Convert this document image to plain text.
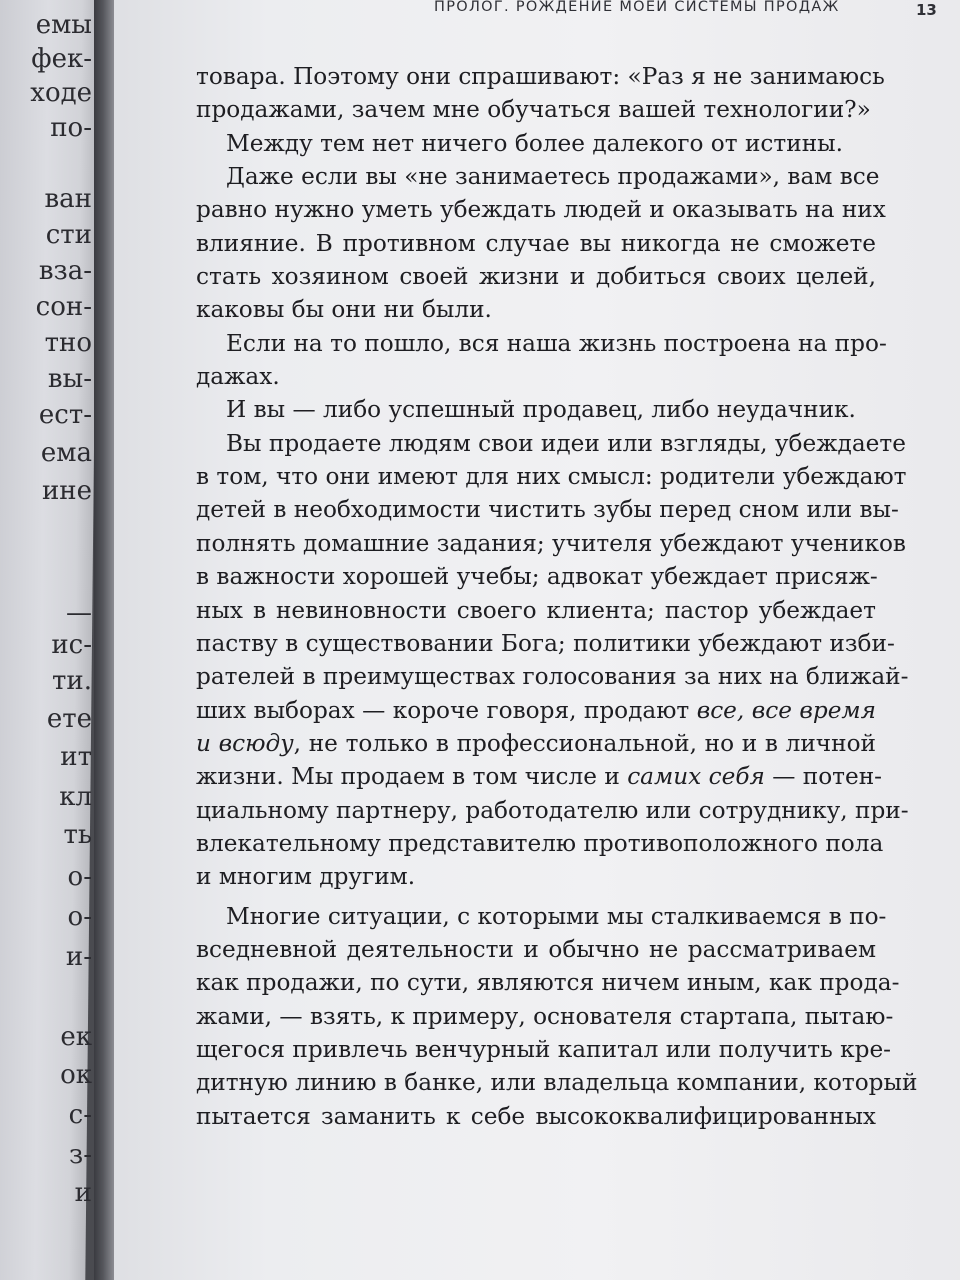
емы
фек-
ходе
по-
ван
сти
вза-
сон-
тно
вы-
ест-
ема
ине
—
ис-
ти.
ете
ит
кл
ть
о-
о-
и-
ек
ок
с-
з-
и
ПРОЛОГ. РОЖДЕНИЕ МОЕЙ СИСТЕМЫ ПРОДАЖ	13
товара. Поэтому они спрашивают: «Раз я не занимаюсь
продажами, зачем мне обучаться вашей технологии?»
Между тем нет ничего более далекого от истины.
Даже если вы «не занимаетесь продажами», вам все
равно нужно уметь убеждать людей и оказывать на них
влияние. В противном случае вы никогда не сможете
стать хозяином своей жизни и добиться своих целей,
каковы бы они ни были.
Если на то пошло, вся наша жизнь построена на про-
дажах.
И вы — либо успешный продавец, либо неудачник.
Вы продаете людям свои идеи или взгляды, убеждаете
в том, что они имеют для них смысл: родители убеждают
детей в необходимости чистить зубы перед сном или вы-
полнять домашние задания; учителя убеждают учеников
в важности хорошей учебы; адвокат убеждает присяж-
ных в невиновности своего клиента; пастор убеждает
паству в существовании Бога; политики убеждают изби-
рателей в преимуществах голосования за них на ближай-
ших выборах — короче говоря, продают все, все время
и всюду, не только в профессиональной, но и в личной
жизни. Мы продаем в том числе и самих себя — потен-
циальному партнеру, работодателю или сотруднику, при-
влекательному представителю противоположного пола
и многим другим.
Многие ситуации, с которыми мы сталкиваемся в по-
вседневной деятельности и обычно не рассматриваем
как продажи, по сути, являются ничем иным, как прода-
жами, — взять, к примеру, основателя стартапа, пытаю-
щегося привлечь венчурный капитал или получить кре-
дитную линию в банке, или владельца компании, который
пытается заманить к себе высококвалифицированных
